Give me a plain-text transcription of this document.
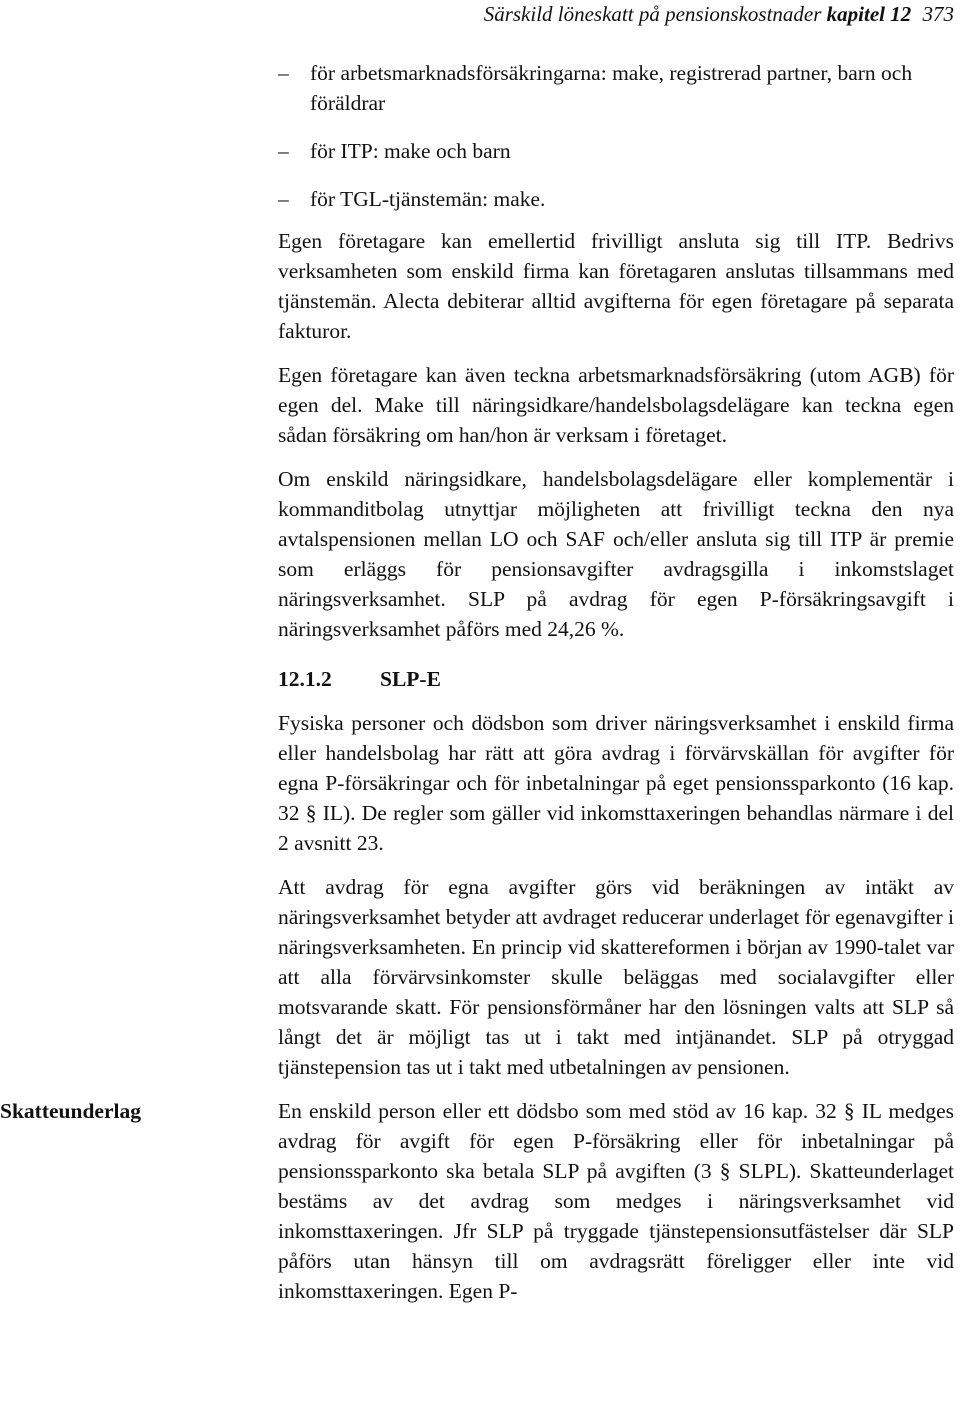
Särskild löneskatt på pensionskostnader kapitel 12 373
– för arbetsmarknadsförsäkringarna: make, registrerad partner, barn och föräldrar
– för ITP: make och barn
– för TGL-tjänstemän: make.

Egen företagare kan emellertid frivilligt ansluta sig till ITP. Bedrivs verksamheten som enskild firma kan företagaren anslutas tillsammans med tjänstemän. Alecta debiterar alltid avgifterna för egen företagare på separata fakturor.

Egen företagare kan även teckna arbetsmarknadsförsäkring (utom AGB) för egen del. Make till näringsidkare/handelsbolagsdelägare kan teckna egen sådan försäkring om han/hon är verksam i företaget.

Om enskild näringsidkare, handelsbolagsdelägare eller komplementär i kommanditbolag utnyttjar möjligheten att frivilligt teckna den nya avtalspensionen mellan LO och SAF och/eller ansluta sig till ITP är premie som erläggs för pensionsavgifter avdragsgilla i inkomstslaget näringsverksamhet. SLP på avdrag för egen P-försäkringsavgift i näringsverksamhet påförs med 24,26 %.

12.1.2 SLP-E

Fysiska personer och dödsbon som driver näringsverksamhet i enskild firma eller handelsbolag har rätt att göra avdrag i förvärvskällan för avgifter för egna P-försäkringar och för inbetalningar på eget pensionssparkonto (16 kap. 32 § IL). De regler som gäller vid inkomsttaxeringen behandlas närmare i del 2 avsnitt 23.

Att avdrag för egna avgifter görs vid beräkningen av intäkt av näringsverksamhet betyder att avdraget reducerar underlaget för egenavgifter i näringsverksamheten. En princip vid skattereformen i början av 1990-talet var att alla förvärvsinkomster skulle beläggas med socialavgifter eller motsvarande skatt. För pensionsförmåner har den lösningen valts att SLP så långt det är möjligt tas ut i takt med intjänandet. SLP på otryggad tjänstepension tas ut i takt med utbetalningen av pensionen.

Skatteunderlag	En enskild person eller ett dödsbo som med stöd av 16 kap. 32 § IL medges avdrag för avgift för egen P-försäkring eller för inbetalningar på pensionssparkonto ska betala SLP på avgiften (3 § SLPL). Skatteunderlaget bestäms av det avdrag som medges i näringsverksamhet vid inkomsttaxeringen. Jfr SLP på tryggade tjänstepensionsutfästelser där SLP påförs utan hänsyn till om avdragsrätt föreligger eller inte vid inkomsttaxeringen. Egen P-
